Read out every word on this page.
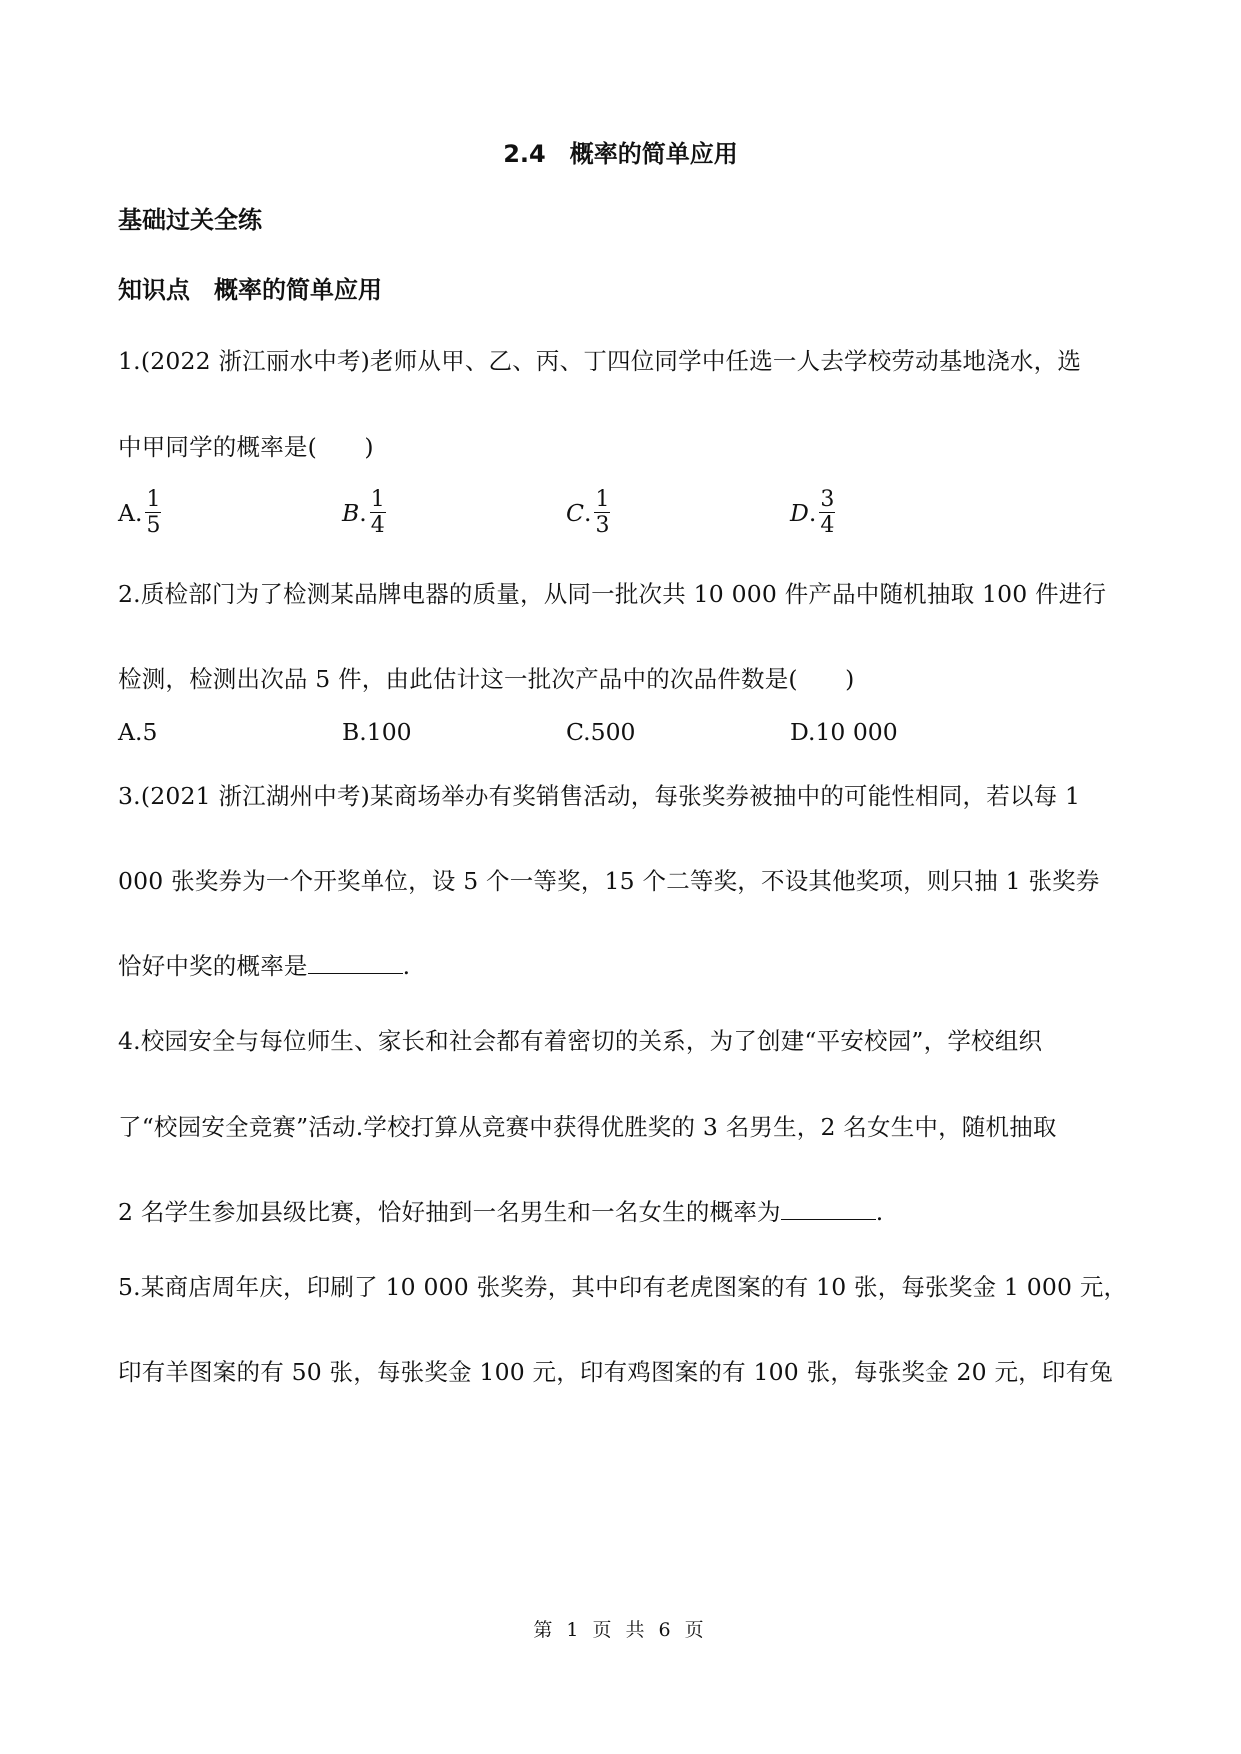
2.4　概率的简单应用
基础过关全练
知识点　概率的简单应用
1.(2022 浙江丽水中考)老师从甲、乙、丙、丁四位同学中任选一人去学校劳动基地浇水，选
中甲同学的概率是(　　)
A. $\frac{1}{5}$	B . $\frac{1}{4}$	C . $\frac{1}{3}$	D . $\frac{3}{4}$
2.质检部门为了检测某品牌电器的质量，从同一批次共 10 000 件产品中随机抽取 100 件进行
检测，检测出次品 5 件，由此估计这一批次产品中的次品件数是(　　)
A.5	B.100	C.500	D.10 000
3.(2021 浙江湖州中考)某商场举办有奖销售活动，每张奖券被抽中的可能性相同，若以每 1
000 张奖券为一个开奖单位，设 5 个一等奖，15 个二等奖，不设其他奖项，则只抽 1 张奖券
恰好中奖的概率是	.
4.校园安全与每位师生、家长和社会都有着密切的关系，为了创建“平安校园”，学校组织
了“校园安全竞赛”活动.学校打算从竞赛中获得优胜奖的 3 名男生，2 名女生中，随机抽取
2 名学生参加县级比赛，恰好抽到一名男生和一名女生的概率为	.
5.某商店周年庆，印刷了 10 000 张奖券，其中印有老虎图案的有 10 张，每张奖金 1 000 元，
印有羊图案的有 50 张，每张奖金 100 元，印有鸡图案的有 100 张，每张奖金 20 元，印有兔
第 1 页 共 6 页
